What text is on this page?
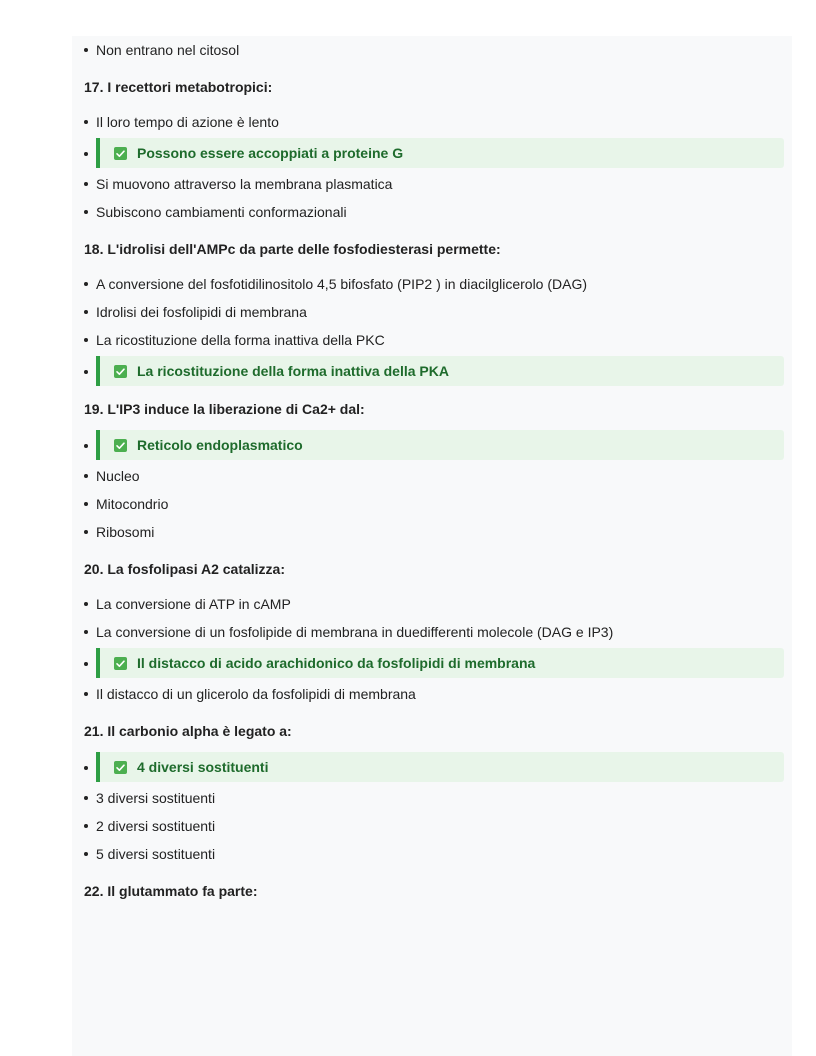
Non entrano nel citosol
17. I recettori metabotropici:
Il loro tempo di azione è lento
Possono essere accoppiati a proteine G
Si muovono attraverso la membrana plasmatica
Subiscono cambiamenti conformazionali
18. L'idrolisi dell'AMPc da parte delle fosfodiesterasi permette:
A conversione del fosfotidilinositolo 4,5 bifosfato (PIP2 ) in diacilglicerolo (DAG)
Idrolisi dei fosfolipidi di membrana
La ricostituzione della forma inattiva della PKC
La ricostituzione della forma inattiva della PKA
19. L'IP3 induce la liberazione di Ca2+ dal:
Reticolo endoplasmatico
Nucleo
Mitocondrio
Ribosomi
20. La fosfolipasi A2 catalizza:
La conversione di ATP in cAMP
La conversione di un fosfolipide di membrana in duedifferenti molecole (DAG e IP3)
Il distacco di acido arachidonico da fosfolipidi di membrana
Il distacco di un glicerolo da fosfolipidi di membrana
21. Il carbonio alpha è legato a:
4 diversi sostituenti
3 diversi sostituenti
2 diversi sostituenti
5 diversi sostituenti
22. Il glutammato fa parte:
